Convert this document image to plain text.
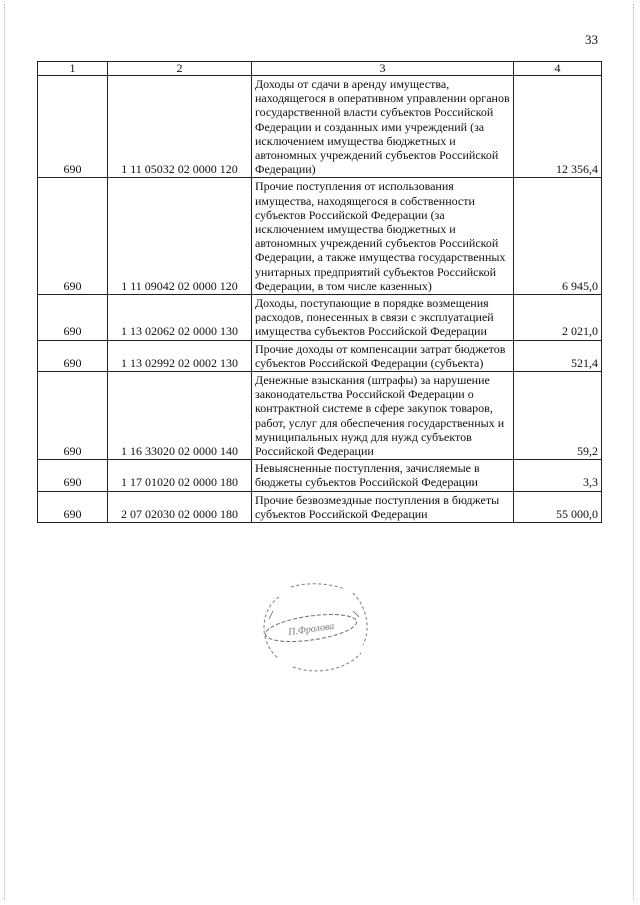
33
1	2	3	4
690	1 11 05032 02 0000 120	Доходы от сдачи в аренду имущества, находящегося в оперативном управлении органов государственной власти субъектов Российской Федерации и созданных ими учреждений (за исключением имущества бюджетных и автономных учреждений субъектов Российской Федерации)	12 356,4
690	1 11 09042 02 0000 120	Прочие поступления от использования имущества, находящегося в собственности субъектов Российской Федерации (за исключением имущества бюджетных и автономных учреждений субъектов Российской Федерации, а также имущества государственных унитарных предприятий субъектов Российской Федерации, в том числе казенных)	6 945,0
690	1 13 02062 02 0000 130	Доходы, поступающие в порядке возмещения расходов, понесенных в связи с эксплуатацией имущества субъектов Российской Федерации	2 021,0
690	1 13 02992 02 0002 130	Прочие доходы от компенсации затрат бюджетов субъектов Российской Федерации (субъекта)	521,4
690	1 16 33020 02 0000 140	Денежные взыскания (штрафы) за нарушение законодательства Российской Федерации о контрактной системе в сфере закупок товаров, работ, услуг для обеспечения государственных и муниципальных нужд для нужд субъектов Российской Федерации	59,2
690	1 17 01020 02 0000 180	Невыясненные поступления, зачисляемые в бюджеты субъектов Российской Федерации	3,3
690	2 07 02030 02 0000 180	Прочие безвозмездные поступления в бюджеты субъектов Российской Федерации	55 000,0
П.Фролова
